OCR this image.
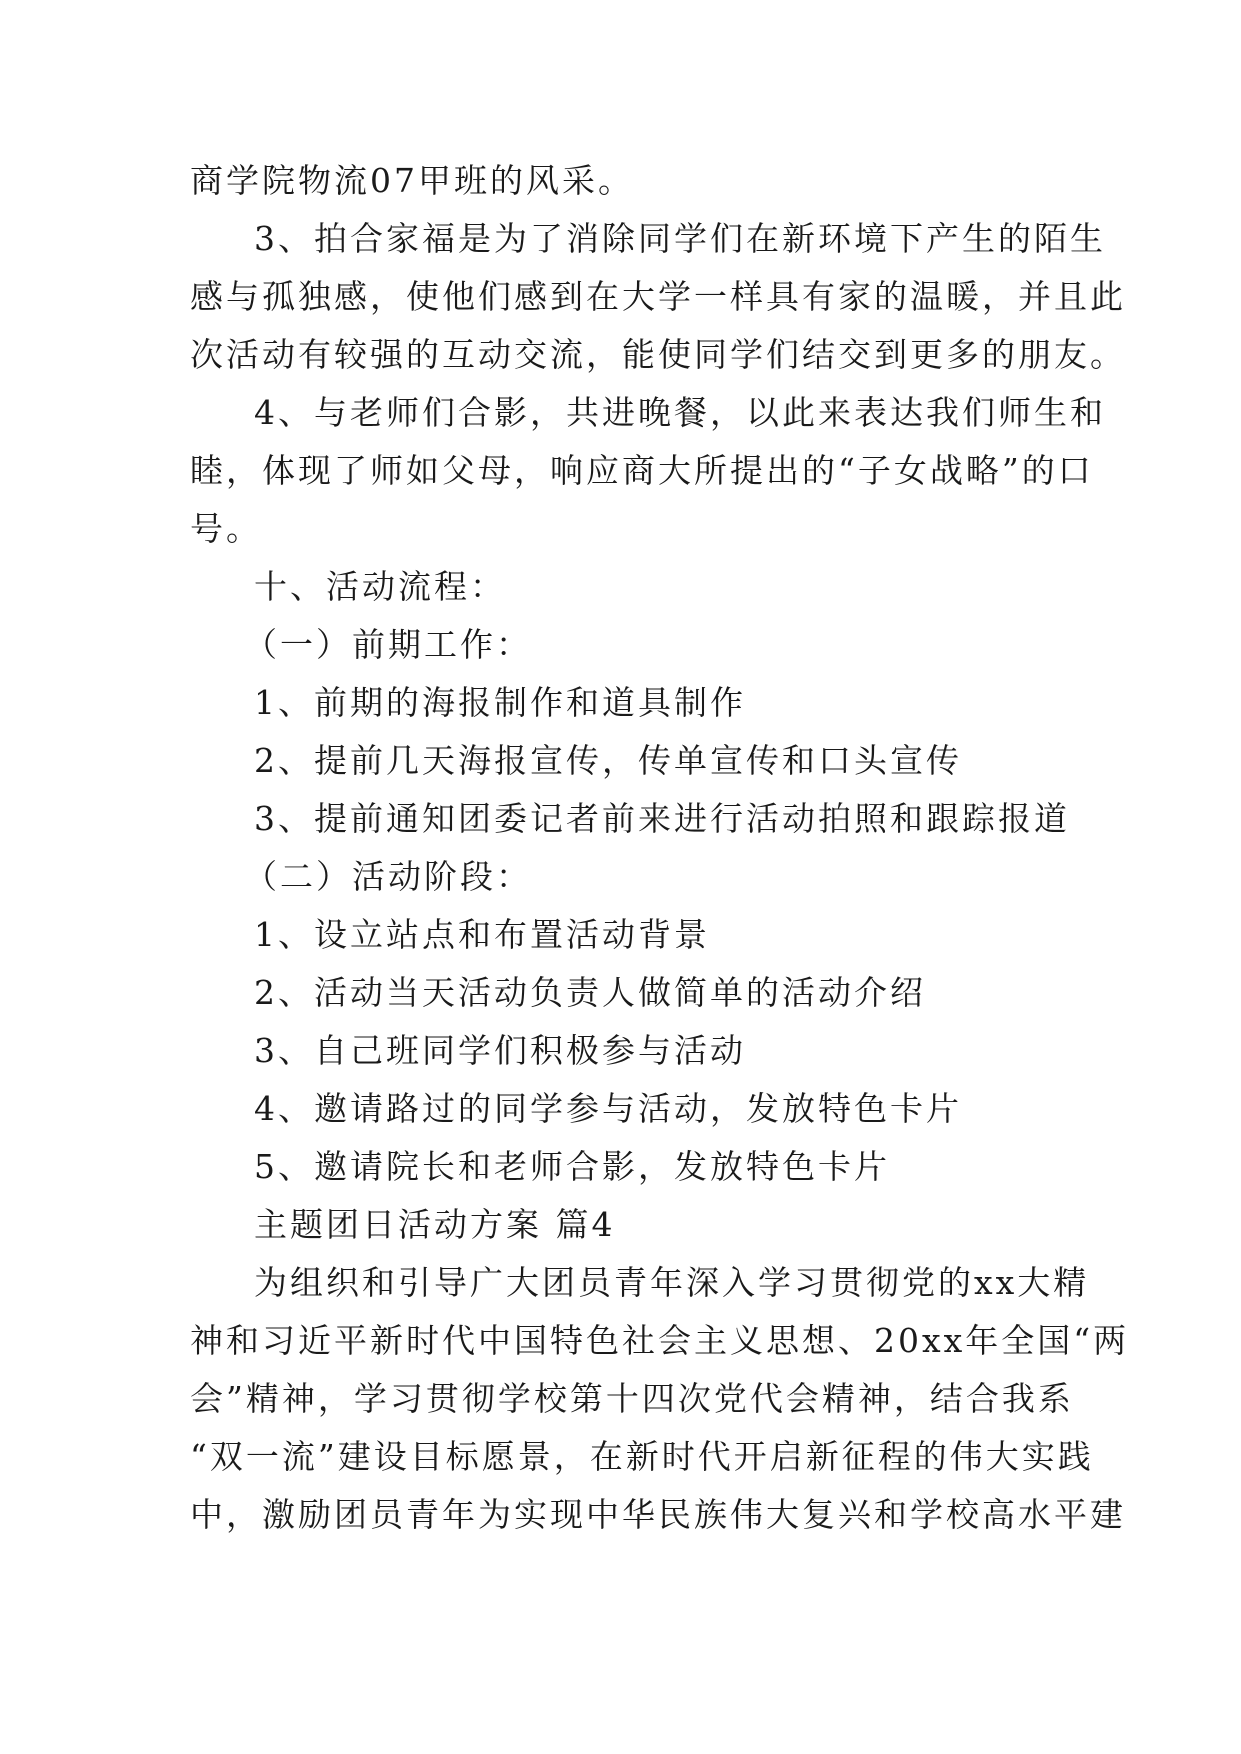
商学院物流07甲班的风采。
3、拍合家福是为了消除同学们在新环境下产生的陌生
感与孤独感，使他们感到在大学一样具有家的温暖，并且此
次活动有较强的互动交流，能使同学们结交到更多的朋友。
4、与老师们合影，共进晚餐，以此来表达我们师生和
睦，体现了师如父母，响应商大所提出的“子女战略”的口
号。
十、活动流程：
（一）前期工作：
1、前期的海报制作和道具制作
2、提前几天海报宣传，传单宣传和口头宣传
3、提前通知团委记者前来进行活动拍照和跟踪报道
（二）活动阶段：
1、设立站点和布置活动背景
2、活动当天活动负责人做简单的活动介绍
3、自己班同学们积极参与活动
4、邀请路过的同学参与活动，发放特色卡片
5、邀请院长和老师合影，发放特色卡片
主题团日活动方案 篇4
为组织和引导广大团员青年深入学习贯彻党的xx大精
神和习近平新时代中国特色社会主义思想、20xx年全国“两
会”精神，学习贯彻学校第十四次党代会精神，结合我系
“双一流”建设目标愿景，在新时代开启新征程的伟大实践
中，激励团员青年为实现中华民族伟大复兴和学校高水平建
